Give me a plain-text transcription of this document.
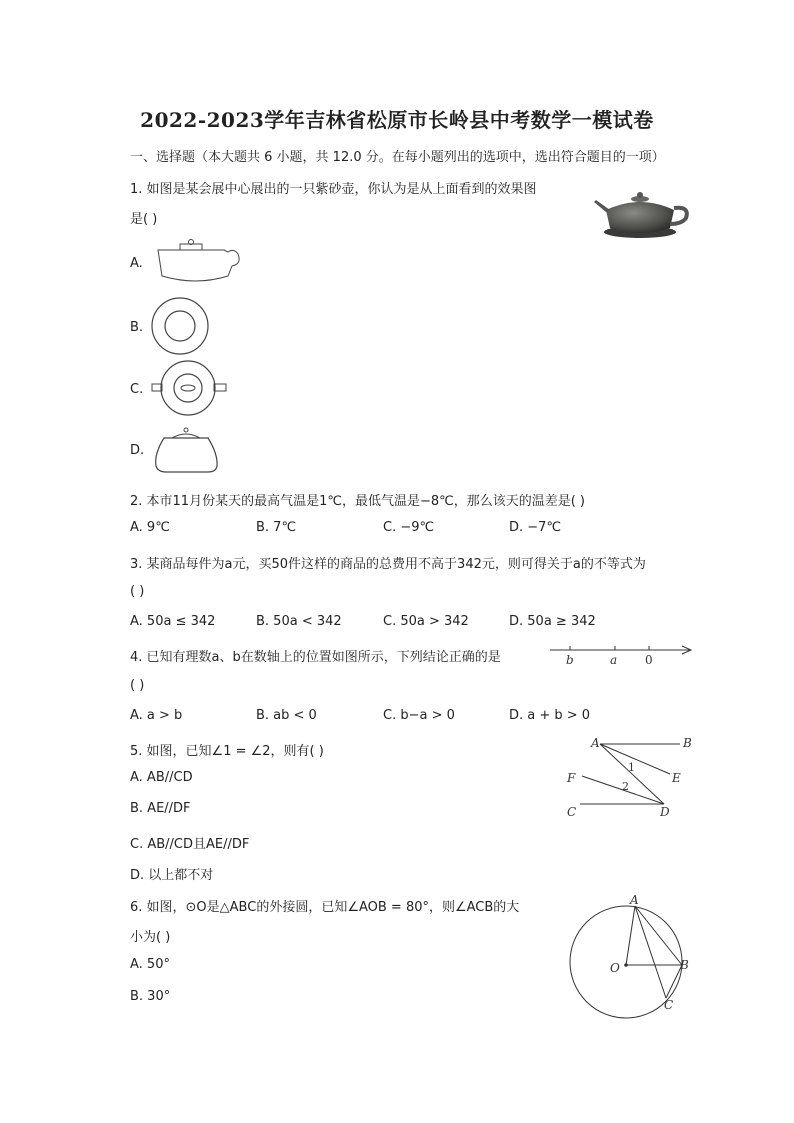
2022-2023学年吉林省松原市长岭县中考数学一模试卷
一、选择题（本大题共 6 小题，共 12.0 分。在每小题列出的选项中，选出符合题目的一项）
1. 如图是某会展中心展出的一只紫砂壶，你认为是从上面看到的效果图
是( )
A.
B.
C.
D.
2. 本市11月份某天的最高气温是1℃，最低气温是−8℃，那么该天的温差是( )
A. 9℃	B. 7℃	C. −9℃	D. −7℃
3. 某商品每件为a元，买50件这样的商品的总费用不高于342元，则可得关于a的不等式为
( )
A. 50a ≤ 342	B. 50a < 342	C. 50a > 342	D. 50a ≥ 342
4. 已知有理数a、b在数轴上的位置如图所示，下列结论正确的是
( )
b	a 0
A. a > b	B. ab < 0	C. b−a > 0	D. a + b > 0
5. 如图，已知∠1 = ∠2，则有( )
A. AB//CD
B. AE//DF
C. AB//CD且AE//DF
D. 以上都不对
A	B
E
F
C	D
1
2
6. 如图，⊙O是△ABC的外接圆，已知∠AOB = 80°，则∠ACB的大
小为( )
A. 50°
B. 30°
A
O	B
C
